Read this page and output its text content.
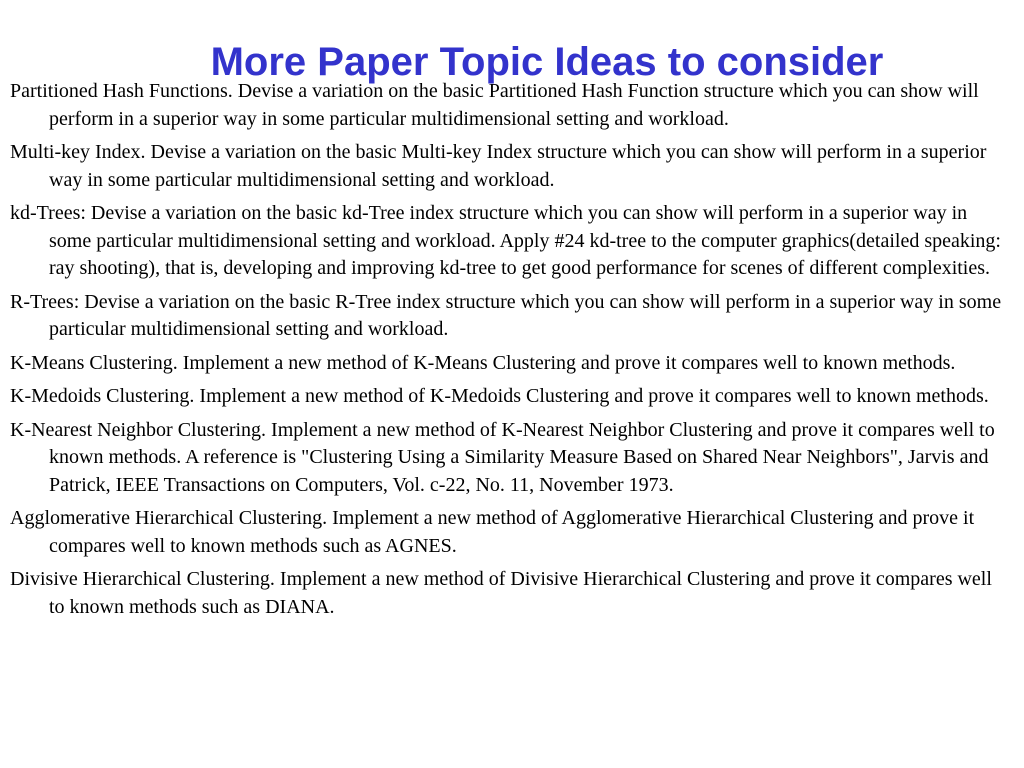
More Paper Topic Ideas to consider
Partitioned Hash Functions. Devise a variation on the basic Partitioned Hash Function structure which you can show will perform in a superior way in some particular multidimensional setting and workload.
Multi-key Index. Devise a variation on the basic Multi-key Index structure which you can show will perform in a superior way in some particular multidimensional setting and workload.
kd-Trees: Devise a variation on the basic kd-Tree index structure which you can show will perform in a superior way in some particular multidimensional setting and workload. Apply #24 kd-tree to the computer graphics(detailed speaking: ray shooting), that is, developing and improving kd-tree to get good performance for scenes of different complexities.
R-Trees: Devise a variation on the basic R-Tree index structure which you can show will perform in a superior way in some particular multidimensional setting and workload.
K-Means Clustering. Implement a new method of K-Means Clustering and prove it compares well to known methods.
K-Medoids Clustering. Implement a new method of K-Medoids Clustering and prove it compares well to known methods.
K-Nearest Neighbor Clustering. Implement a new method of K-Nearest Neighbor Clustering and prove it compares well to known methods. A reference is "Clustering Using a Similarity Measure Based on Shared Near Neighbors", Jarvis and Patrick, IEEE Transactions on Computers, Vol. c-22, No. 11, November 1973.
Agglomerative Hierarchical Clustering. Implement a new method of Agglomerative Hierarchical Clustering and prove it compares well to known methods such as AGNES.
Divisive Hierarchical Clustering. Implement a new method of Divisive Hierarchical Clustering and prove it compares well to known methods such as DIANA.
